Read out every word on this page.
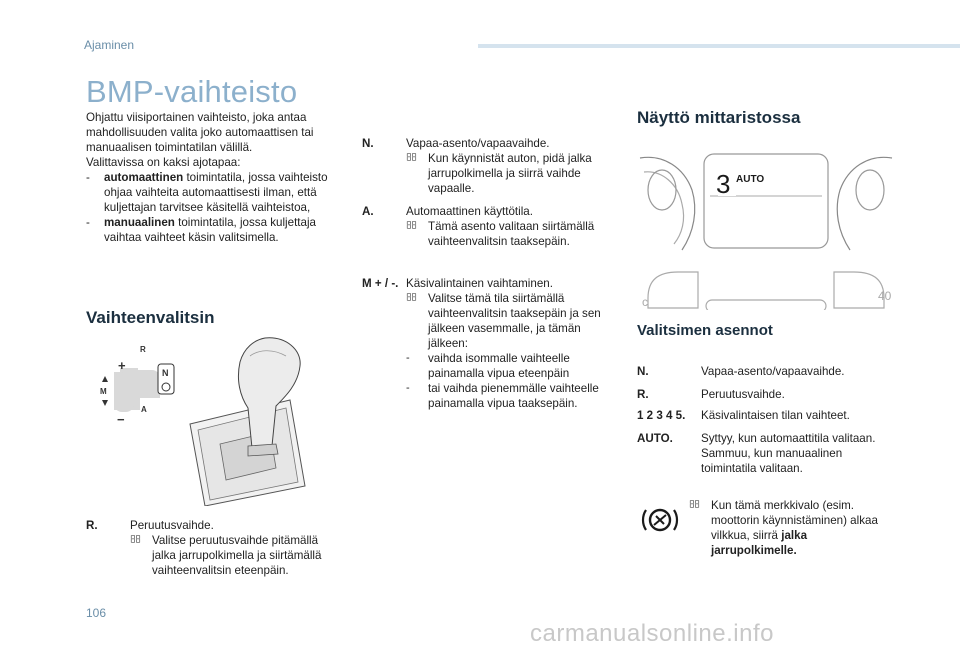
Ajaminen
BMP-vaihteisto

Ohjattu viisiportainen vaihteisto, joka antaa mahdollisuuden valita joko automaattisen tai manuaalisen toimintatilan välillä.

Valittavissa on kaksi ajotapaa:

- automaattinen toimintatila, jossa vaihteisto ohjaa vaihteita automaattisesti ilman, että kuljettajan tarvitsee käsitellä vaihteistoa,

- manuaalinen toimintatila, jossa kuljettaja vaihtaa vaihteet käsin valitsimella.

Vaihteenvalitsin
+
−
M
R
A
N
R.	Peruutusvaihde.
Valitse peruutusvaihde pitämällä jalka jarrupolkimella ja siirtämällä vaihteenvalitsin eteenpäin.
N.	Vapaa-asento/vapaavaihde.
Kun käynnistät auton, pidä jalka jarrupolkimella ja siirrä vaihde vapaalle.
A.	Automaattinen käyttötila.
Tämä asento valitaan siirtämällä vaihteenvalitsin taaksepäin.
M + / -. Käsivalintainen vaihtaminen.
Valitse tämä tila siirtämällä vaihteenvalitsin taaksepäin ja sen jälkeen vasemmalle, ja tämän jälkeen:
- vaihda isommalle vaihteelle painamalla vipua eteenpäin
- tai vaihda pienemmälle vaihteelle painamalla vipua taaksepäin.
Näyttö mittaristossa
3 AUTO
c	40
Valitsimen asennot
N.	Vapaa-asento/vapaavaihde.
R.	Peruutusvaihde.
1 2 3 4 5. Käsivalintaisen tilan vaihteet.
AUTO. Syttyy, kun automaattitila valitaan. Sammuu, kun manuaalinen toimintatila valitaan.
Kun tämä merkkivalo (esim. moottorin käynnistäminen) alkaa vilkkua, siirrä jalka jarrupolkimelle.
106
carmanualsonline.info
